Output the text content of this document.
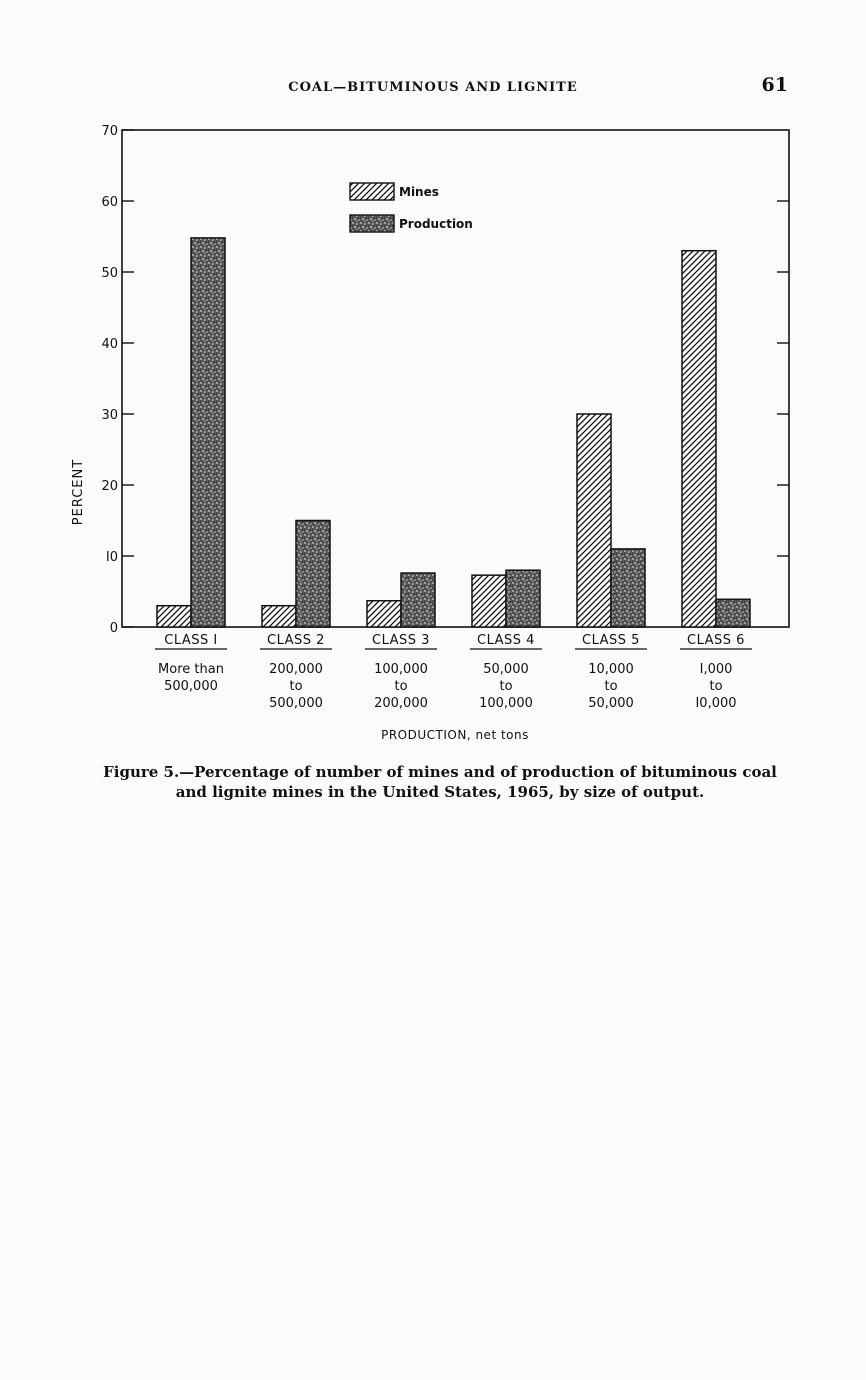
COAL—BITUMINOUS AND LIGNITE	61
0
I0
20
30
40
50
60
70
CLASS I
More than
500,000
CLASS 2
200,000
to
500,000
CLASS 3
100,000
to
200,000
CLASS 4
50,000
to
100,000
CLASS 5
10,000
to
50,000
CLASS 6
I,000
to
I0,000
PERCENT
Mines
Production
PRODUCTION, net tons
Figure 5.—Percentage of number of mines and of production of bituminous coal and lignite mines in the United States, 1965, by size of output.
